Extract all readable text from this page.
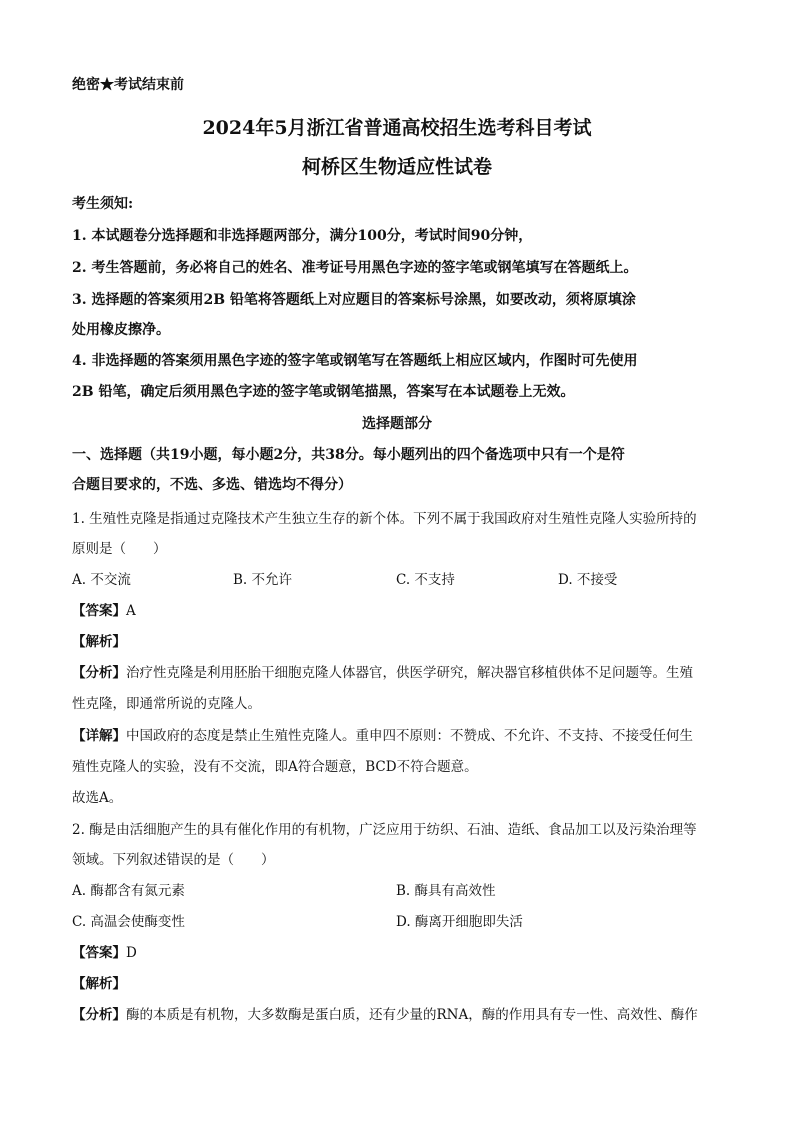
绝密★考试结束前
2024年5月浙江省普通高校招生选考科目考试
柯桥区生物适应性试卷
考生须知:
1. 本试题卷分选择题和非选择题两部分，满分100分，考试时间90分钟，
2. 考生答题前，务必将自己的姓名、准考证号用黑色字迹的签字笔或钢笔填写在答题纸上。
3. 选择题的答案须用2B 铅笔将答题纸上对应题目的答案标号涂黑，如要改动，须将原填涂
处用橡皮擦净。
4. 非选择题的答案须用黑色字迹的签字笔或钢笔写在答题纸上相应区域内，作图时可先使用
2B 铅笔，确定后须用黑色字迹的签字笔或钢笔描黑，答案写在本试题卷上无效。
选择题部分
一、选择题（共19小题，每小题2分，共38分。每小题列出的四个备选项中只有一个是符
合题目要求的，不选、多选、错选均不得分）
1. 生殖性克隆是指通过克隆技术产生独立生存的新个体。下列不属于我国政府对生殖性克隆人实验所持的
原则是（　　）
A. 不交流	B. 不允许	C. 不支持	D. 不接受
【答案】A
【解析】
【分析】治疗性克隆是利用胚胎干细胞克隆人体器官，供医学研究，解决器官移植供体不足问题等。生殖
性克隆，即通常所说的克隆人。
【详解】中国政府的态度是禁止生殖性克隆人。重申四不原则：不赞成、不允许、不支持、不接受任何生
殖性克隆人的实验，没有不交流，即A符合题意，BCD不符合题意。
故选A。
2. 酶是由活细胞产生的具有催化作用的有机物，广泛应用于纺织、石油、造纸、食品加工以及污染治理等
领域。下列叙述错误的是（　　）
A. 酶都含有氮元素	B. 酶具有高效性
C. 高温会使酶变性	D. 酶离开细胞即失活
【答案】D
【解析】
【分析】酶的本质是有机物，大多数酶是蛋白质，还有少量的RNA，酶的作用具有专一性、高效性、酶作
